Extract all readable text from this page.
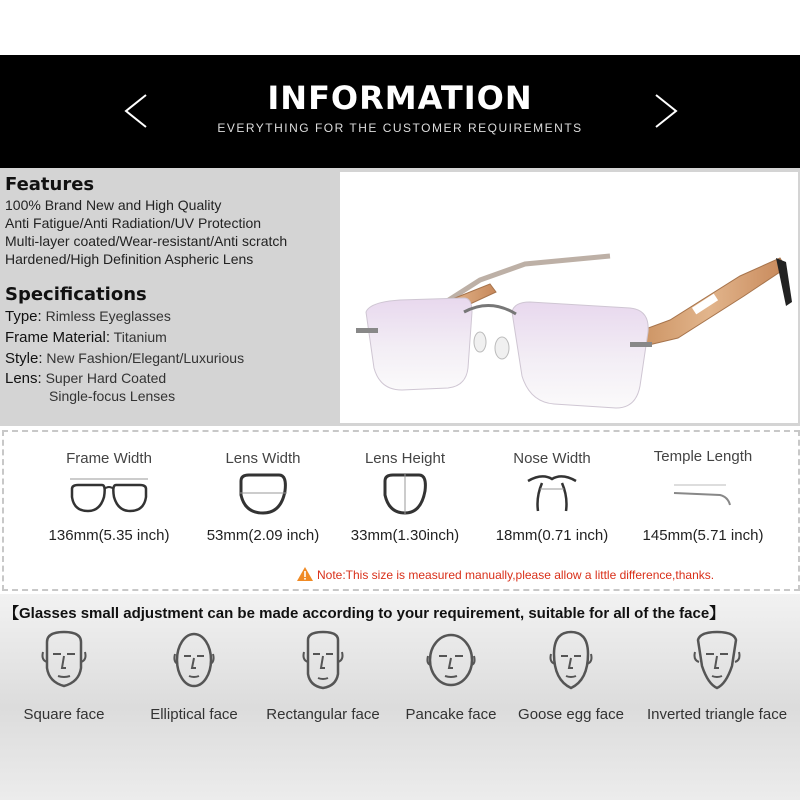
INFORMATION
EVERYTHING FOR THE CUSTOMER REQUIREMENTS
Features
100% Brand New and High Quality
Anti Fatigue/Anti Radiation/UV Protection
Multi-layer coated/Wear-resistant/Anti scratch
Hardened/High Definition Aspheric Lens
Specifications
Type: Rimless Eyeglasses
Frame Material: Titanium
Style: New Fashion/Elegant/Luxurious
Lens: Super Hard Coated
Single-focus Lenses
Frame Width
136mm(5.35 inch)
Lens Width
53mm(2.09 inch)
Lens Height
33mm(1.30inch)
Nose Width
18mm(0.71 inch)
Temple Length
145mm(5.71 inch)
Note:This size is measured manually,please allow a little difference,thanks.
【Glasses small adjustment can be made according to your requirement, suitable for all of the face】
Square face	Elliptical face	Rectangular face	Pancake face	Goose egg face	Inverted triangle face
